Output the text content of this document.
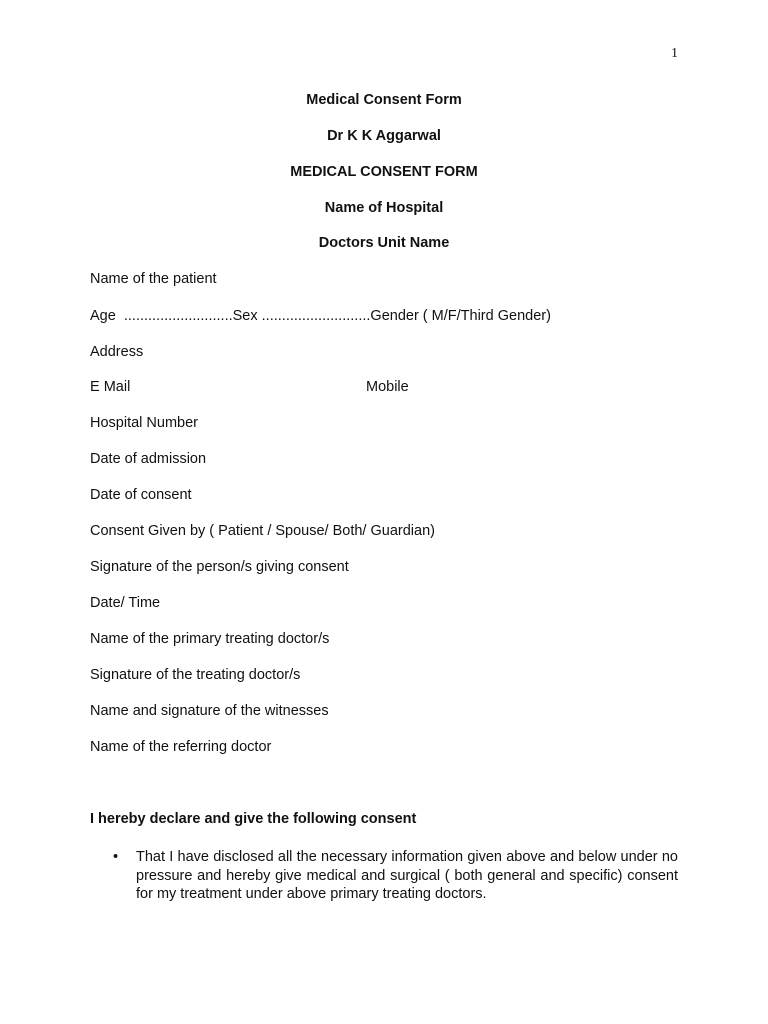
1
Medical Consent Form
Dr K K Aggarwal
MEDICAL CONSENT FORM
Name of Hospital
Doctors Unit Name
Name of the patient
Age  ...........................Sex ...........................Gender ( M/F/Third Gender)
Address
E Mail	Mobile
Hospital Number
Date of admission
Date of consent
Consent Given by ( Patient / Spouse/ Both/ Guardian)
Signature of the person/s giving consent
Date/ Time
Name of the primary treating doctor/s
Signature of the treating doctor/s
Name and signature of the witnesses
Name of the referring doctor
I hereby declare and give the following consent
• That I have disclosed all the necessary information given above and below under no pressure and hereby give medical and surgical ( both general and specific) consent for my treatment under above primary treating doctors.
